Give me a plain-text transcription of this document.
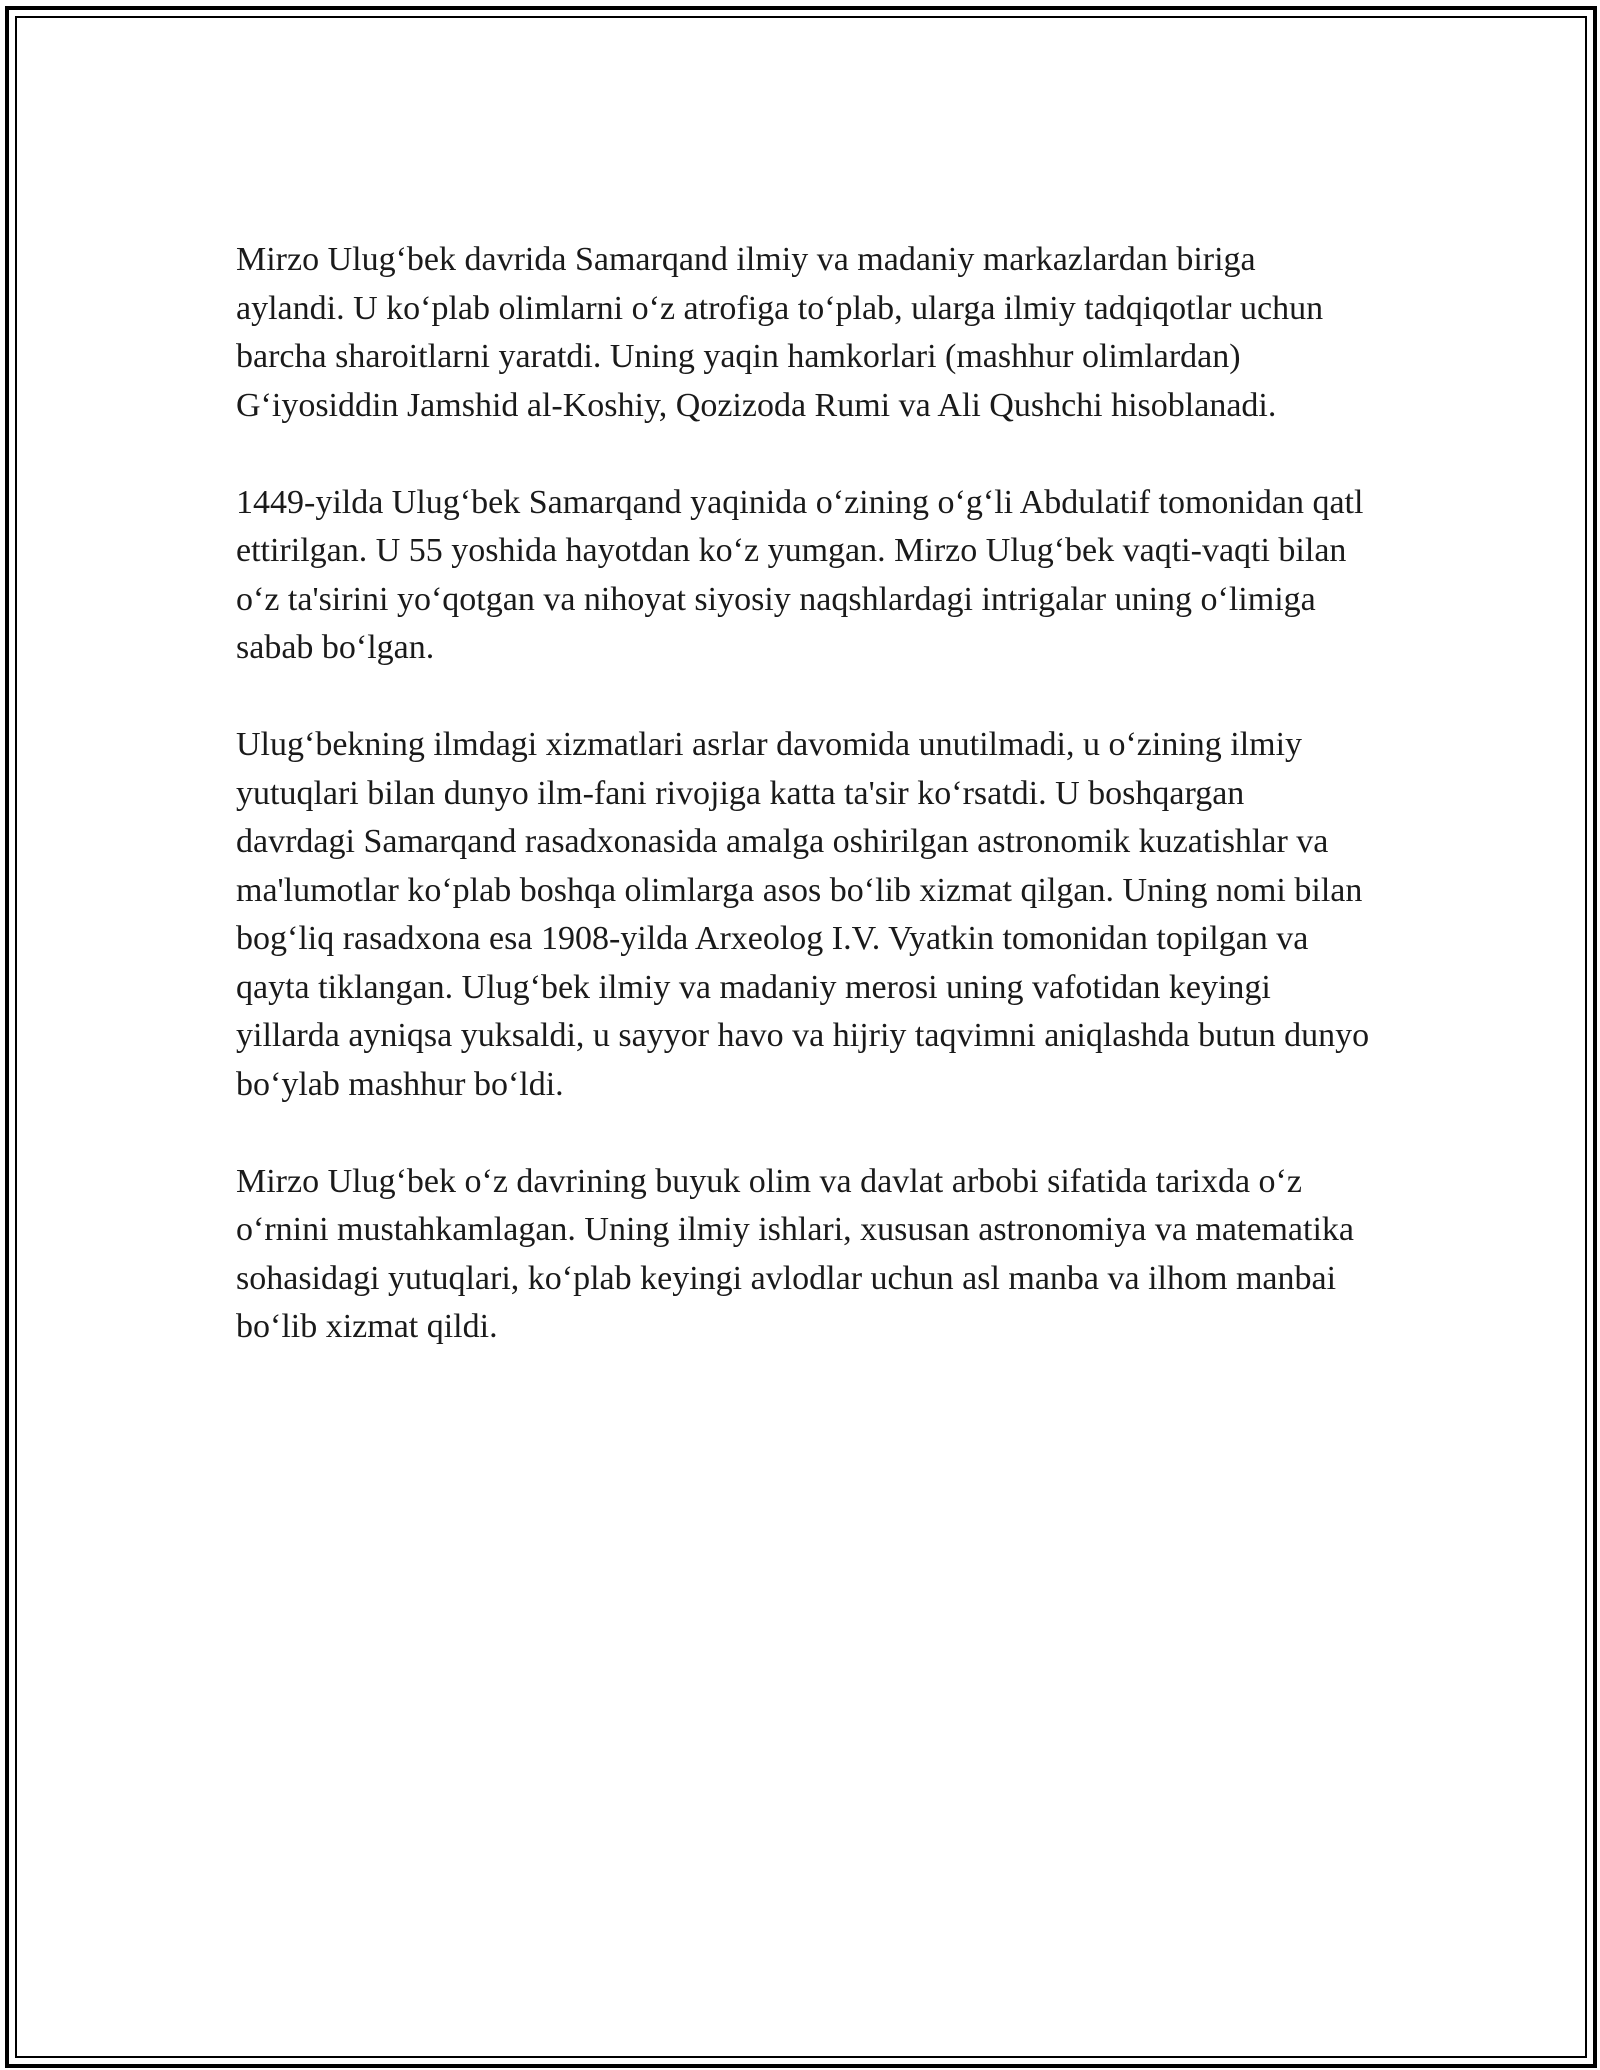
Mirzo Ulug‘bek davrida Samarqand ilmiy va madaniy markazlardan biriga aylandi. U ko‘plab olimlarni o‘z atrofiga to‘plab, ularga ilmiy tadqiqotlar uchun barcha sharoitlarni yaratdi. Uning yaqin hamkorlari (mashhur olimlardan) G‘iyosiddin Jamshid al-Koshiy, Qozizoda Rumi va Ali Qushchi hisoblanadi.

1449-yilda Ulug‘bek Samarqand yaqinida o‘zining o‘g‘li Abdulatif tomonidan qatl ettirilgan. U 55 yoshida hayotdan ko‘z yumgan. Mirzo Ulug‘bek vaqti-vaqti bilan o‘z ta'sirini yo‘qotgan va nihoyat siyosiy naqshlardagi intrigalar uning o‘limiga sabab bo‘lgan.

Ulug‘bekning ilmdagi xizmatlari asrlar davomida unutilmadi, u o‘zining ilmiy yutuqlari bilan dunyo ilm-fani rivojiga katta ta'sir ko‘rsatdi. U boshqargan davrdagi Samarqand rasadxonasida amalga oshirilgan astronomik kuzatishlar va ma'lumotlar ko‘plab boshqa olimlarga asos bo‘lib xizmat qilgan. Uning nomi bilan bog‘liq rasadxona esa 1908-yilda Arxeolog I.V. Vyatkin tomonidan topilgan va qayta tiklangan. Ulug‘bek ilmiy va madaniy merosi uning vafotidan keyingi yillarda ayniqsa yuksaldi, u sayyor havo va hijriy taqvimni aniqlashda butun dunyo bo‘ylab mashhur bo‘ldi.

Mirzo Ulug‘bek o‘z davrining buyuk olim va davlat arbobi sifatida tarixda o‘z o‘rnini mustahkamlagan. Uning ilmiy ishlari, xususan astronomiya va matematika sohasidagi yutuqlari, ko‘plab keyingi avlodlar uchun asl manba va ilhom manbai bo‘lib xizmat qildi.
